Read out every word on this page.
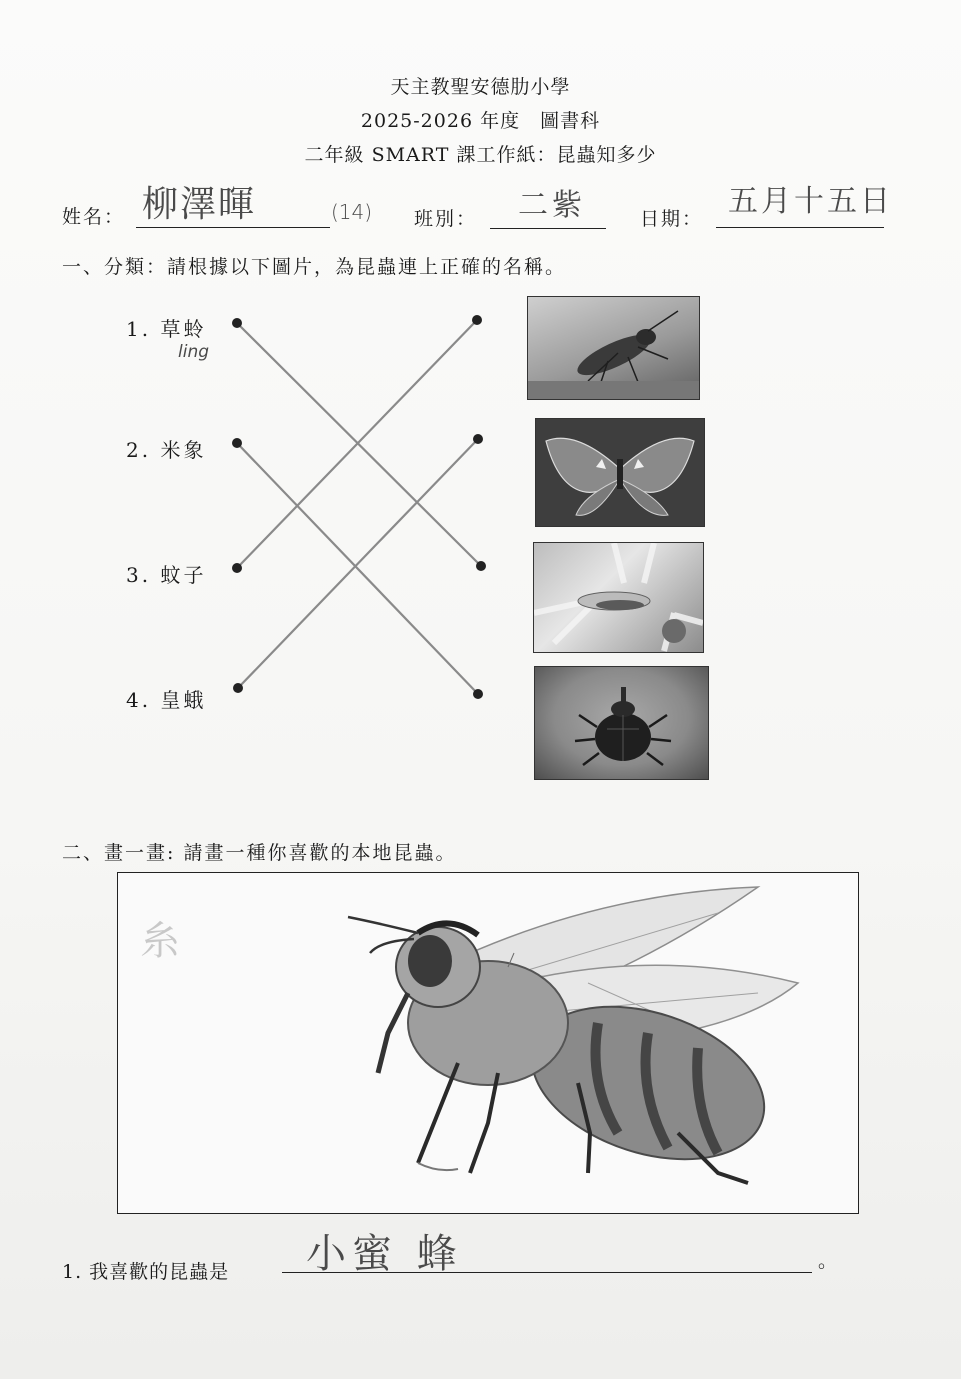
天主教聖安德肋小學
2025-2026 年度　圖書科
二年級 SMART 課工作紙：昆蟲知多少
姓名： 柳澤暉	(14) 班別： 二紫	日期： 五月十五日
一、分類：請根據以下圖片，為昆蟲連上正確的名稱。
1. 草蛉
ling
2. 米象
3. 蚊子
4. 皇蛾
二、畫一畫: 請畫一種你喜歡的本地昆蟲。
糸
1. 我喜歡的昆蟲是 小蜜 蜂	。
